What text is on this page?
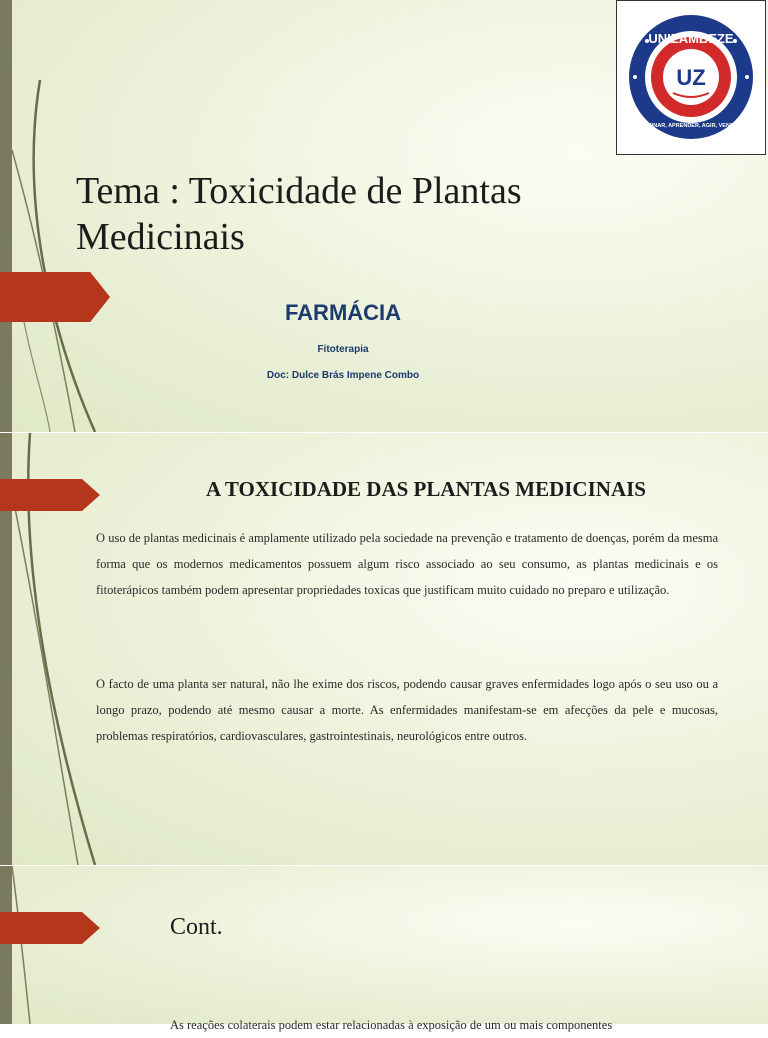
UNIZAMBEZE
ENSINAR, APRENDER, AGIR, VENCER
UZ
Tema : Toxicidade de Plantas Medicinais
FARMÁCIA
Fitoterapia
Doc: Dulce Brás Impene Combo
A TOXICIDADE DAS PLANTAS MEDICINAIS

O uso de plantas medicinais é amplamente utilizado pela sociedade na prevenção e tratamento de doenças, porém da mesma forma que os modernos medicamentos possuem algum risco associado ao seu consumo, as plantas medicinais e os fitoterápicos também podem apresentar propriedades toxicas que justificam muito cuidado no preparo e utilização.

O facto de uma planta ser natural, não lhe exime dos riscos, podendo causar graves enfermidades logo após o seu uso ou a longo prazo, podendo até mesmo causar a morte. As enfermidades manifestam-se em afecções da pele e mucosas, problemas respiratórios, cardiovasculares, gastrointestinais, neurológicos entre outros.

Cont.

As reações colaterais podem estar relacionadas à exposição de um ou mais componentes
